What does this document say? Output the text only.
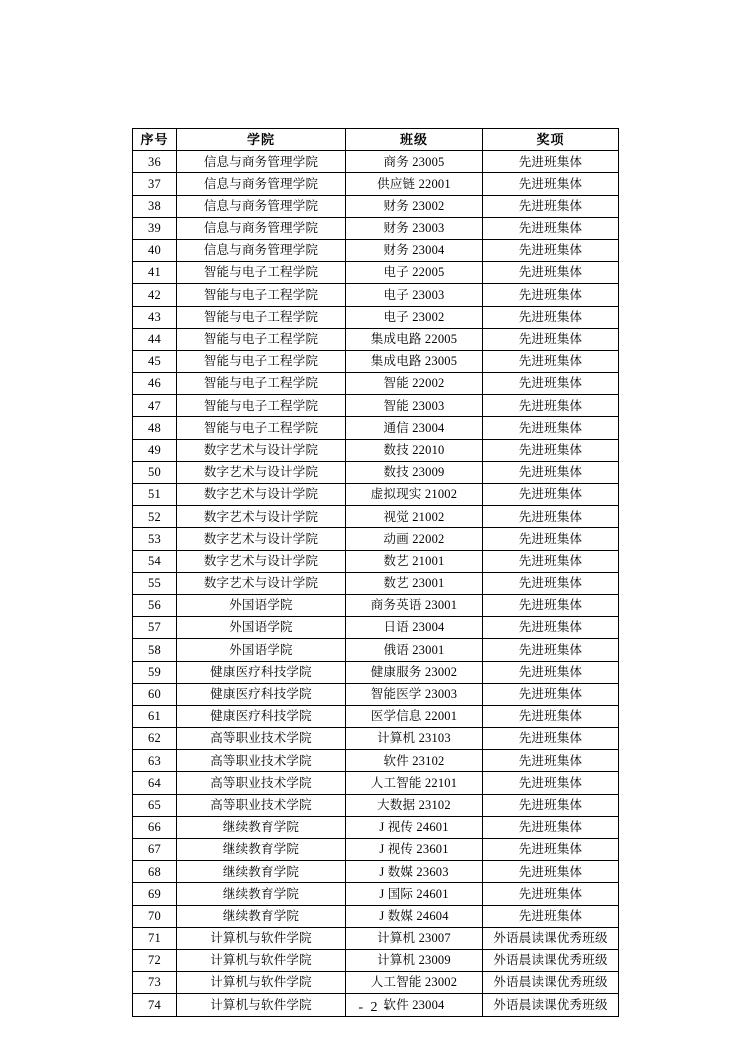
序号	学院	班级	奖项
36	信息与商务管理学院	商务 23005	先进班集体
37	信息与商务管理学院	供应链 22001	先进班集体
38	信息与商务管理学院	财务 23002	先进班集体
39	信息与商务管理学院	财务 23003	先进班集体
40	信息与商务管理学院	财务 23004	先进班集体
41	智能与电子工程学院	电子 22005	先进班集体
42	智能与电子工程学院	电子 23003	先进班集体
43	智能与电子工程学院	电子 23002	先进班集体
44	智能与电子工程学院	集成电路 22005	先进班集体
45	智能与电子工程学院	集成电路 23005	先进班集体
46	智能与电子工程学院	智能 22002	先进班集体
47	智能与电子工程学院	智能 23003	先进班集体
48	智能与电子工程学院	通信 23004	先进班集体
49	数字艺术与设计学院	数技 22010	先进班集体
50	数字艺术与设计学院	数技 23009	先进班集体
51	数字艺术与设计学院	虚拟现实 21002	先进班集体
52	数字艺术与设计学院	视觉 21002	先进班集体
53	数字艺术与设计学院	动画 22002	先进班集体
54	数字艺术与设计学院	数艺 21001	先进班集体
55	数字艺术与设计学院	数艺 23001	先进班集体
56	外国语学院	商务英语 23001	先进班集体
57	外国语学院	日语 23004	先进班集体
58	外国语学院	俄语 23001	先进班集体
59	健康医疗科技学院	健康服务 23002	先进班集体
60	健康医疗科技学院	智能医学 23003	先进班集体
61	健康医疗科技学院	医学信息 22001	先进班集体
62	高等职业技术学院	计算机 23103	先进班集体
63	高等职业技术学院	软件 23102	先进班集体
64	高等职业技术学院	人工智能 22101	先进班集体
65	高等职业技术学院	大数据 23102	先进班集体
66	继续教育学院	J 视传 24601	先进班集体
67	继续教育学院	J 视传 23601	先进班集体
68	继续教育学院	J 数媒 23603	先进班集体
69	继续教育学院	J 国际 24601	先进班集体
70	继续教育学院	J 数媒 24604	先进班集体
71	计算机与软件学院	计算机 23007	外语晨读课优秀班级
72	计算机与软件学院	计算机 23009	外语晨读课优秀班级
73	计算机与软件学院	人工智能 23002	外语晨读课优秀班级
74	计算机与软件学院	软件 23004	外语晨读课优秀班级
- 2 -
